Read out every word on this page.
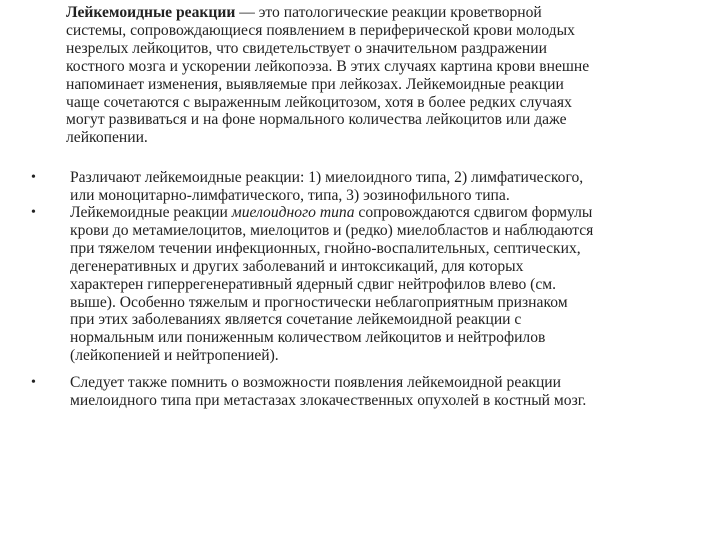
Лейкемоидные реакции — это патологические реакции кроветворной
системы, сопровождающиеся появлением в периферической крови молодых
незрелых лейкоцитов, что свидетельствует о значительном раздражении
костного мозга и ускорении лейкопоэза. В этих случаях картина крови внешне
напоминает изменения, выявляемые при лейкозах. Лейкемоидные реакции
чаще сочетаются с выраженным лейкоцитозом, хотя в более редких случаях
могут развиваться и на фоне нормального количества лейкоцитов или даже
лейкопении.

• Различают лейкемоидные реакции: 1) миелоидного типа, 2) лимфатического,
или моноцитарно-лимфатического, типа, 3) эозинофильного типа.

• Лейкемоидные реакции миелоидного типа сопровождаются сдвигом формулы
крови до метамиелоцитов, миелоцитов и (редко) миелобластов и наблюдаются
при тяжелом течении инфекционных, гнойно-воспалительных, септических,
дегенеративных и других заболеваний и интоксикаций, для которых
характерен гиперрегенеративный ядерный сдвиг нейтрофилов влево (см.
выше). Особенно тяжелым и прогностически неблагоприятным признаком
при этих заболеваниях является сочетание лейкемоидной реакции с
нормальным или пониженным количеством лейкоцитов и нейтрофилов
(лейкопенией и нейтропенией).

• Следует также помнить о возможности появления лейкемоидной реакции
миелоидного типа при метастазах злокачественных опухолей в костный мозг.
